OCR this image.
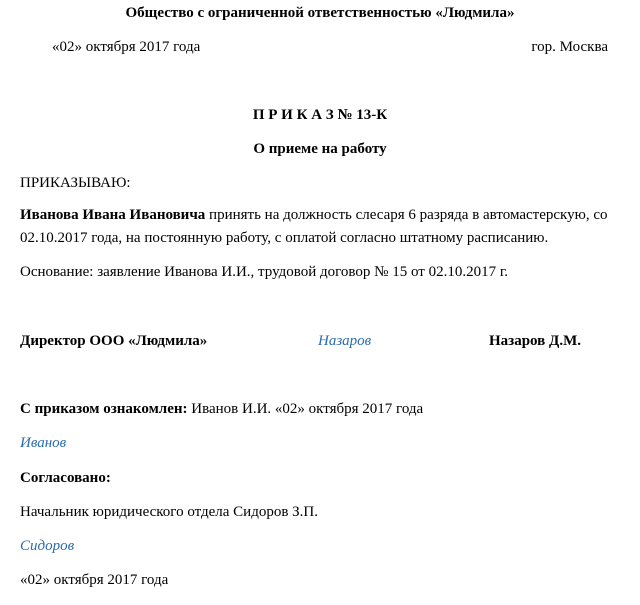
Общество с ограниченной ответственностью «Людмила»
«02» октября 2017 года	гор. Москва
П Р И К А З № 13-К
О приеме на работу
ПРИКАЗЫВАЮ:
Иванова Ивана Ивановича принять на должность слесаря 6 разряда в автомастерскую, со 02.10.2017 года, на постоянную работу, с оплатой согласно штатному расписанию.
Основание: заявление Иванова И.И., трудовой договор № 15 от 02.10.2017 г.
Директор ООО «Людмила»	Назаров	Назаров Д.М.
С приказом ознакомлен: Иванов И.И. «02» октября 2017 года
Иванов
Согласовано:
Начальник юридического отдела Сидоров З.П.
Сидоров
«02» октября 2017 года
